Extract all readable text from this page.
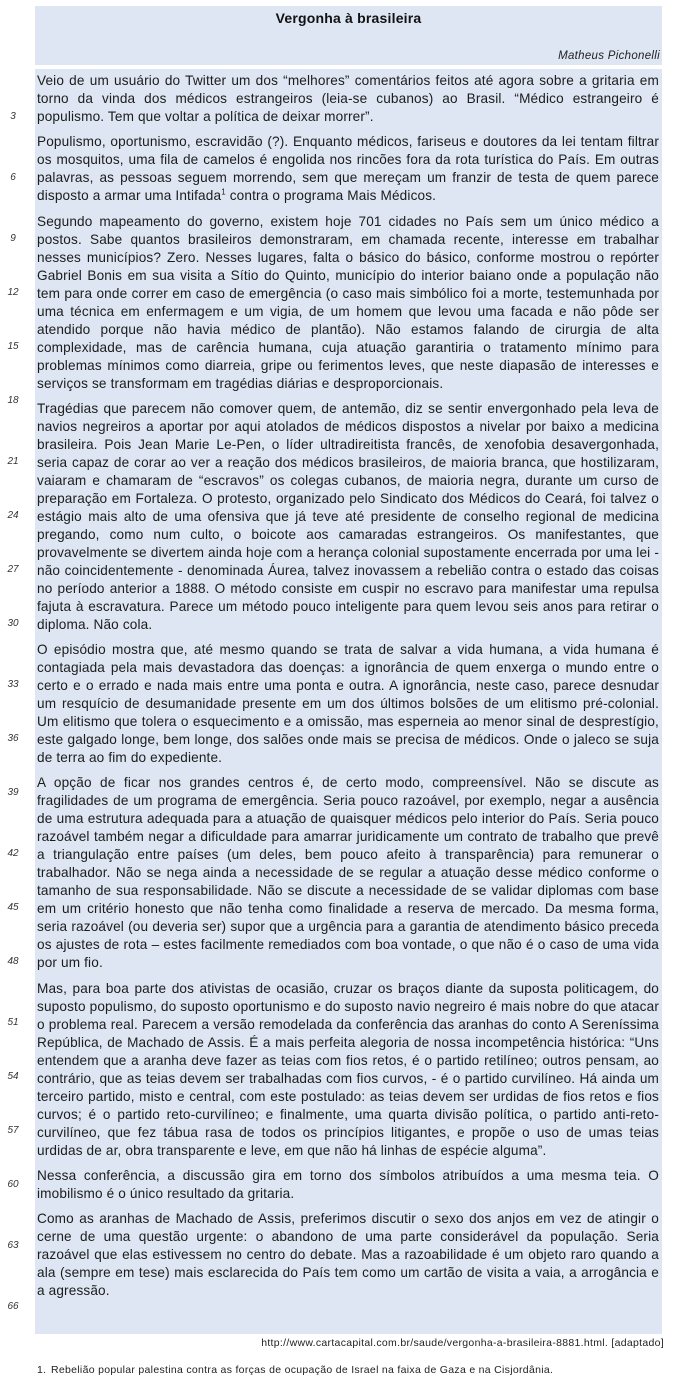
Vergonha à brasileira
Matheus Pichonelli

Veio de um usuário do Twitter um dos “melhores” comentários feitos até agora sobre a gritaria em torno da vinda dos médicos estrangeiros (leia-se cubanos) ao Brasil. “Médico estrangeiro é populismo. Tem que voltar a política de deixar morrer”.

Populismo, oportunismo, escravidão (?). Enquanto médicos, fariseus e doutores da lei tentam filtrar os mosquitos, uma fila de camelos é engolida nos rincões fora da rota turística do País. Em outras palavras, as pessoas seguem morrendo, sem que mereçam um franzir de testa de quem parece disposto a armar uma Intifada$^1$ contra o programa Mais Médicos.

Segundo mapeamento do governo, existem hoje 701 cidades no País sem um único médico a postos. Sabe quantos brasileiros demonstraram, em chamada recente, interesse em trabalhar nesses municípios? Zero. Nesses lugares, falta o básico do básico, conforme mostrou o repórter Gabriel Bonis em sua visita a Sítio do Quinto, município do interior baiano onde a população não tem para onde correr em caso de emergência (o caso mais simbólico foi a morte, testemunhada por uma técnica em enfermagem e um vigia, de um homem que levou uma facada e não pôde ser atendido porque não havia médico de plantão). Não estamos falando de cirurgia de alta complexidade, mas de carência humana, cuja atuação garantiria o tratamento mínimo para problemas mínimos como diarreia, gripe ou ferimentos leves, que neste diapasão de interesses e serviços se transformam em tragédias diárias e desproporcionais.

Tragédias que parecem não comover quem, de antemão, diz se sentir envergonhado pela leva de navios negreiros a aportar por aqui atolados de médicos dispostos a nivelar por baixo a medicina brasileira. Pois Jean Marie Le-Pen, o líder ultradireitista francês, de xenofobia desavergonhada, seria capaz de corar ao ver a reação dos médicos brasileiros, de maioria branca, que hostilizaram, vaiaram e chamaram de “escravos” os colegas cubanos, de maioria negra, durante um curso de preparação em Fortaleza. O protesto, organizado pelo Sindicato dos Médicos do Ceará, foi talvez o estágio mais alto de uma ofensiva que já teve até presidente de conselho regional de medicina pregando, como num culto, o boicote aos camaradas estrangeiros. Os manifestantes, que provavelmente se divertem ainda hoje com a herança colonial supostamente encerrada por uma lei - não coincidentemente - denominada Áurea, talvez inovassem a rebelião contra o estado das coisas no período anterior a 1888. O método consiste em cuspir no escravo para manifestar uma repulsa fajuta à escravatura. Parece um método pouco inteligente para quem levou seis anos para retirar o diploma. Não cola.

O episódio mostra que, até mesmo quando se trata de salvar a vida humana, a vida humana é contagiada pela mais devastadora das doenças: a ignorância de quem enxerga o mundo entre o certo e o errado e nada mais entre uma ponta e outra. A ignorância, neste caso, parece desnudar um resquício de desumanidade presente em um dos últimos bolsões de um elitismo pré-colonial. Um elitismo que tolera o esquecimento e a omissão, mas esperneia ao menor sinal de desprestígio, este galgado longe, bem longe, dos salões onde mais se precisa de médicos. Onde o jaleco se suja de terra ao fim do expediente.

A opção de ficar nos grandes centros é, de certo modo, compreensível. Não se discute as fragilidades de um programa de emergência. Seria pouco razoável, por exemplo, negar a ausência de uma estrutura adequada para a atuação de quaisquer médicos pelo interior do País. Seria pouco razoável também negar a dificuldade para amarrar juridicamente um contrato de trabalho que prevê a triangulação entre países (um deles, bem pouco afeito à transparência) para remunerar o trabalhador. Não se nega ainda a necessidade de se regular a atuação desse médico conforme o tamanho de sua responsabilidade. Não se discute a necessidade de se validar diplomas com base em um critério honesto que não tenha como finalidade a reserva de mercado. Da mesma forma, seria razoável (ou deveria ser) supor que a urgência para a garantia de atendimento básico preceda os ajustes de rota – estes facilmente remediados com boa vontade, o que não é o caso de uma vida por um fio.

Mas, para boa parte dos ativistas de ocasião, cruzar os braços diante da suposta politicagem, do suposto populismo, do suposto oportunismo e do suposto navio negreiro é mais nobre do que atacar o problema real. Parecem a versão remodelada da conferência das aranhas do conto A Sereníssima República, de Machado de Assis. É a mais perfeita alegoria de nossa incompetência histórica: “Uns entendem que a aranha deve fazer as teias com fios retos, é o partido retilíneo; outros pensam, ao contrário, que as teias devem ser trabalhadas com fios curvos, - é o partido curvilíneo. Há ainda um terceiro partido, misto e central, com este postulado: as teias devem ser urdidas de fios retos e fios curvos; é o partido reto-curvilíneo; e finalmente, uma quarta divisão política, o partido anti-reto-curvilíneo, que fez tábua rasa de todos os princípios litigantes, e propõe o uso de umas teias urdidas de ar, obra transparente e leve, em que não há linhas de espécie alguma”.

Nessa conferência, a discussão gira em torno dos símbolos atribuídos a uma mesma teia. O imobilismo é o único resultado da gritaria.

Como as aranhas de Machado de Assis, preferimos discutir o sexo dos anjos em vez de atingir o cerne de uma questão urgente: o abandono de uma parte considerável da população. Seria razoável que elas estivessem no centro do debate. Mas a razoabilidade é um objeto raro quando a ala (sempre em tese) mais esclarecida do País tem como um cartão de visita a vaia, a arrogância e a agressão.

3
6
9
12
15
18
21
24
27
30
33
36
39
42
45
48
51
54
57
60
63
66
http://www.cartacapital.com.br/saude/vergonha-a-brasileira-8881.html. [adaptado]
1. Rebelião popular palestina contra as forças de ocupação de Israel na faixa de Gaza e na Cisjordânia.
